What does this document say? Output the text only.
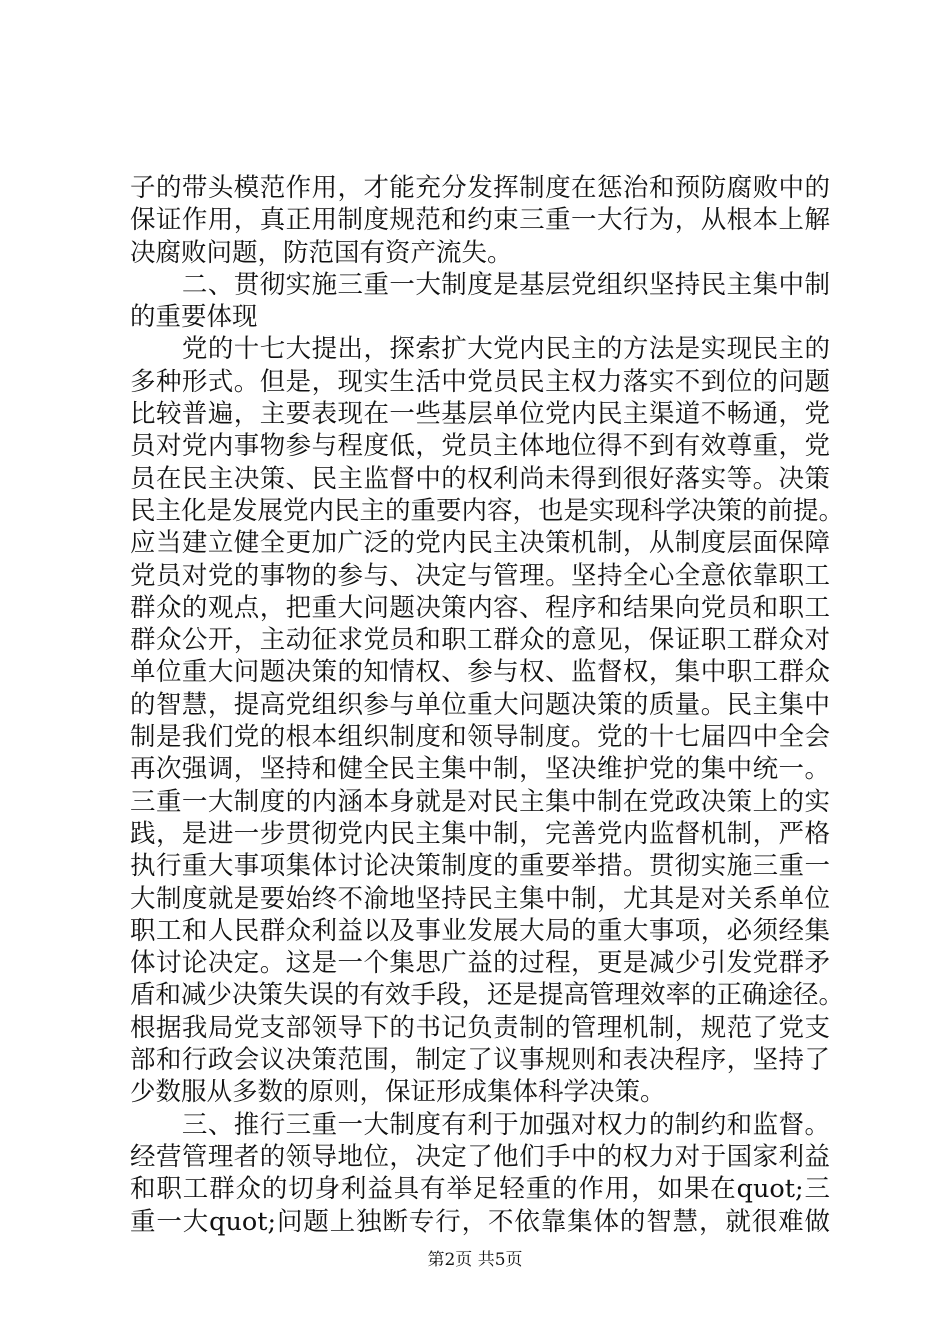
子的带头模范作用，才能充分发挥制度在惩治和预防腐败中的
保证作用，真正用制度规范和约束三重一大行为，从根本上解
决腐败问题，防范国有资产流失。
　　二、贯彻实施三重一大制度是基层党组织坚持民主集中制
的重要体现
　　党的十七大提出，探索扩大党内民主的方法是实现民主的
多种形式。但是，现实生活中党员民主权力落实不到位的问题
比较普遍，主要表现在一些基层单位党内民主渠道不畅通，党
员对党内事物参与程度低，党员主体地位得不到有效尊重，党
员在民主决策、民主监督中的权利尚未得到很好落实等。决策
民主化是发展党内民主的重要内容，也是实现科学决策的前提。
应当建立健全更加广泛的党内民主决策机制，从制度层面保障
党员对党的事物的参与、决定与管理。坚持全心全意依靠职工
群众的观点，把重大问题决策内容、程序和结果向党员和职工
群众公开，主动征求党员和职工群众的意见，保证职工群众对
单位重大问题决策的知情权、参与权、监督权，集中职工群众
的智慧，提高党组织参与单位重大问题决策的质量。民主集中
制是我们党的根本组织制度和领导制度。党的十七届四中全会
再次强调，坚持和健全民主集中制，坚决维护党的集中统一。
三重一大制度的内涵本身就是对民主集中制在党政决策上的实
践，是进一步贯彻党内民主集中制，完善党内监督机制，严格
执行重大事项集体讨论决策制度的重要举措。贯彻实施三重一
大制度就是要始终不渝地坚持民主集中制，尤其是对关系单位
职工和人民群众利益以及事业发展大局的重大事项，必须经集
体讨论决定。这是一个集思广益的过程，更是减少引发党群矛
盾和减少决策失误的有效手段，还是提高管理效率的正确途径。
根据我局党支部领导下的书记负责制的管理机制，规范了党支
部和行政会议决策范围，制定了议事规则和表决程序，坚持了
少数服从多数的原则，保证形成集体科学决策。
　　三、推行三重一大制度有利于加强对权力的制约和监督。
经营管理者的领导地位，决定了他们手中的权力对于国家利益
和职工群众的切身利益具有举足轻重的作用，如果在quot;三
重一大quot;问题上独断专行，不依靠集体的智慧，就很难做
第2页 共5页
